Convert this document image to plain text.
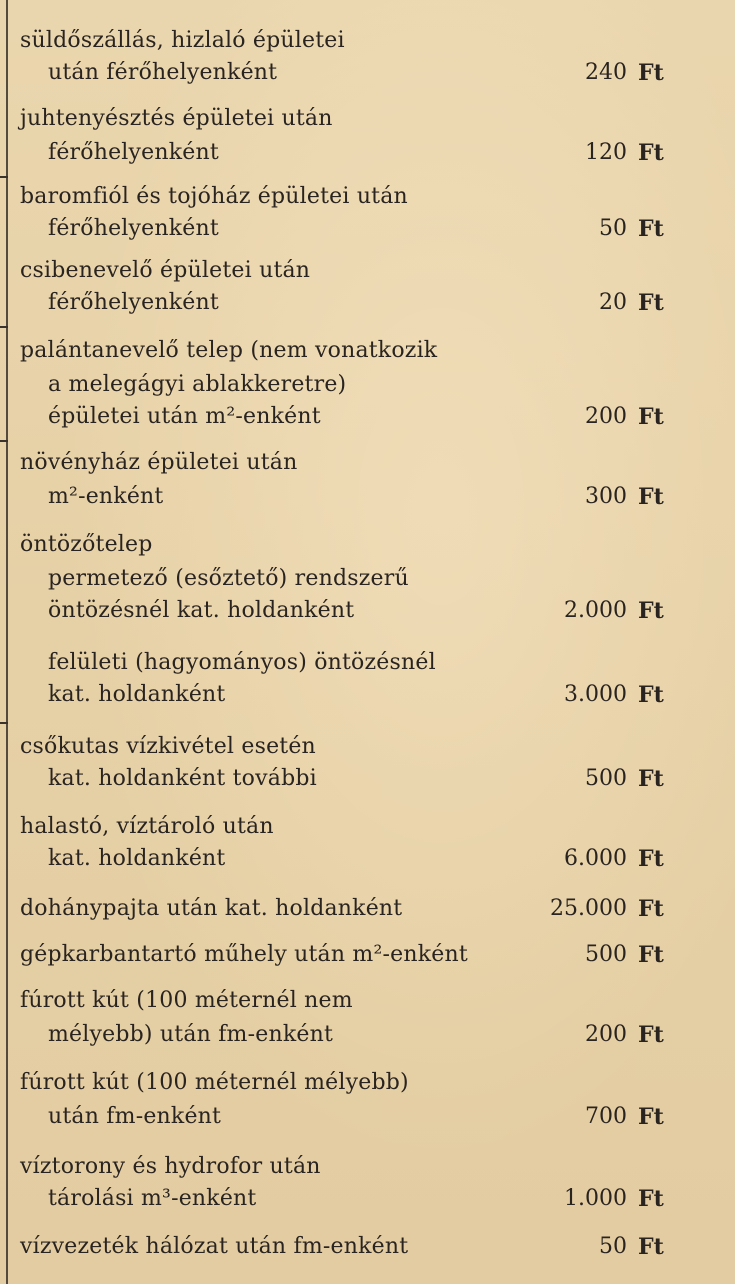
süldőszállás, hizlaló épületei
után férőhelyenként	240 Ft
juhtenyésztés épületei után
férőhelyenként	120 Ft
baromfiól és tojóház épületei után
férőhelyenként	50 Ft
csibenevelő épületei után
férőhelyenként	20 Ft
palántanevelő telep (nem vonatkozik
a melegágyi ablakkeretre)
épületei után m²-enként	200 Ft
növényház épületei után
m²-enként	300 Ft
öntözőtelep
permetező (esőztető) rendszerű
öntözésnél kat. holdanként	2.000 Ft
felületi (hagyományos) öntözésnél
kat. holdanként	3.000 Ft
csőkutas vízkivétel esetén
kat. holdanként további	500 Ft
halastó, víztároló után
kat. holdanként	6.000 Ft
dohánypajta után kat. holdanként	25.000 Ft
gépkarbantartó műhely után m²-enként	500 Ft
fúrott kút (100 méternél nem
mélyebb) után fm-enként	200 Ft
fúrott kút (100 méternél mélyebb)
után fm-enként	700 Ft
víztorony és hydrofor után
tárolási m³-enként	1.000 Ft
vízvezeték hálózat után fm-enként	50 Ft
